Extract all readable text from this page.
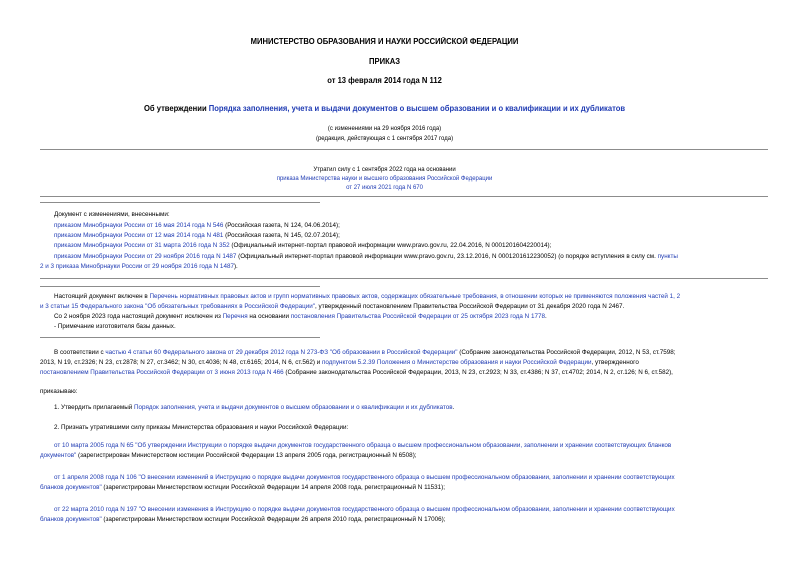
МИНИСТЕРСТВО ОБРАЗОВАНИЯ И НАУКИ РОССИЙСКОЙ ФЕДЕРАЦИИ
ПРИКАЗ
от 13 февраля 2014 года N 112
Об утверждении Порядка заполнения, учета и выдачи документов о высшем образовании и о квалификации и их дубликатов
(с изменениями на 29 ноября 2016 года)
(редакция, действующая с 1 сентября 2017 года)
Утратил силу с 1 сентября 2022 года на основании
приказа Министерства науки и высшего образования Российской Федерации
от 27 июля 2021 года N 670
Документ с изменениями, внесенными:
приказом Минобрнауки России от 16 мая 2014 года N 546 (Российская газета, N 124, 04.06.2014);
приказом Минобрнауки России от 12 мая 2014 года N 481 (Российская газета, N 145, 02.07.2014);
приказом Минобрнауки России от 31 марта 2016 года N 352 (Официальный интернет-портал правовой информации www.pravo.gov.ru, 22.04.2016, N 0001201604220014);
приказом Минобрнауки России от 29 ноября 2016 года N 1487 (Официальный интернет-портал правовой информации www.pravo.gov.ru, 23.12.2016, N 0001201612230052) (о порядке вступления в силу см. пункты
2 и 3 приказа Минобрнауки России от 29 ноября 2016 года N 1487).
Настоящий документ включен в Перечень нормативных правовых актов и групп нормативных правовых актов, содержащих обязательные требования, в отношении которых не применяются положения частей 1, 2
и 3 статьи 15 Федерального закона "Об обязательных требованиях в Российской Федерации", утвержденный постановлением Правительства Российской Федерации от 31 декабря 2020 года N 2467.
Со 2 ноября 2023 года настоящий документ исключен из Перечня на основании постановления Правительства Российской Федерации от 25 октября 2023 года N 1778.
- Примечание изготовителя базы данных.
В соответствии с частью 4 статьи 60 Федерального закона от 29 декабря 2012 года N 273-ФЗ "Об образовании в Российской Федерации" (Собрание законодательства Российской Федерации, 2012, N 53, ст.7598;
2013, N 19, ст.2326; N 23, ст.2878; N 27, ст.3462; N 30, ст.4036; N 48, ст.6165; 2014, N 6, ст.562) и подпунктом 5.2.39 Положения о Министерстве образования и науки Российской Федерации, утвержденного
постановлением Правительства Российской Федерации от 3 июня 2013 года N 466 (Собрание законодательства Российской Федерации, 2013, N 23, ст.2923; N 33, ст.4386; N 37, ст.4702; 2014, N 2, ст.126; N 6, ст.582),
приказываю:
1. Утвердить прилагаемый Порядок заполнения, учета и выдачи документов о высшем образовании и о квалификации и их дубликатов.
2. Признать утратившими силу приказы Министерства образования и науки Российской Федерации:
от 10 марта 2005 года N 65 "Об утверждении Инструкции о порядке выдачи документов государственного образца о высшем профессиональном образовании, заполнении и хранении соответствующих бланков
документов" (зарегистрирован Министерством юстиции Российской Федерации 13 апреля 2005 года, регистрационный N 6508);
от 1 апреля 2008 года N 106 "О внесении изменений в Инструкцию о порядке выдачи документов государственного образца о высшем профессиональном образовании, заполнении и хранении соответствующих
бланков документов" (зарегистрирован Министерством юстиции Российской Федерации 14 апреля 2008 года, регистрационный N 11531);
от 22 марта 2010 года N 197 "О внесении изменения в Инструкцию о порядке выдачи документов государственного образца о высшем профессиональном образовании, заполнении и хранении соответствующих
бланков документов" (зарегистрирован Министерством юстиции Российской Федерации 26 апреля 2010 года, регистрационный N 17006);
